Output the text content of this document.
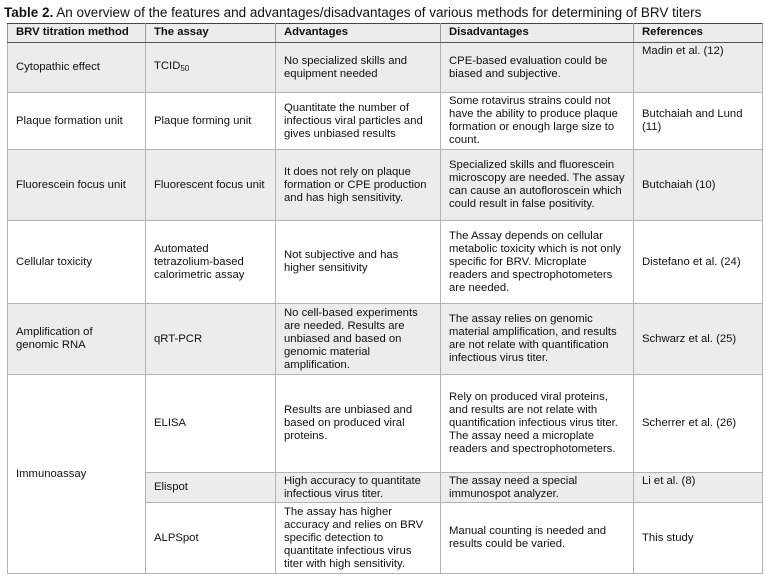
Table 2. An overview of the features and advantages/disadvantages of various methods for determining of BRV titers
BRV titration method	The assay	Advantages	Disadvantages	References
Cytopathic effect	$TCID_{50}$	No specialized skills and equipment needed	CPE-based evaluation could be biased and subjective.	Madin et al. (12)
Plaque formation unit	Plaque forming unit	Quantitate the number of infectious viral particles and gives unbiased results	Some rotavirus strains could not have the ability to produce plaque formation or enough large size to count.	Butchaiah and Lund (11)
Fluorescein focus unit	Fluorescent focus unit	It does not rely on plaque formation or CPE production and has high sensitivity.	Specialized skills and fluorescein microscopy are needed. The assay can cause an autofloroscein which could result in false positivity.	Butchaiah (10)
Cellular toxicity	Automated tetrazolium-based calorimetric assay	Not subjective and has higher sensitivity	The Assay depends on cellular metabolic toxicity which is not only specific for BRV. Microplate readers and spectrophotometers are needed.	Distefano et al. (24)
Amplification of genomic RNA	qRT-PCR	No cell-based experiments are needed. Results are unbiased and based on genomic material amplification.	The assay relies on genomic material amplification, and results are not relate with quantification infectious virus titer.	Schwarz et al. (25)
Immunoassay	ELISA	Results are unbiased and based on produced viral proteins.	Rely on produced viral proteins, and results are not relate with quantification infectious virus titer. The assay need a microplate readers and spectrophotometers.	Scherrer et al. (26)
	Elispot	High accuracy to quantitate infectious virus titer.	The assay need a special immunospot analyzer.	Li et al. (8)
	ALPSpot	The assay has higher accuracy and relies on BRV specific detection to quantitate infectious virus titer with high sensitivity.	Manual counting is needed and results could be varied.	This study
